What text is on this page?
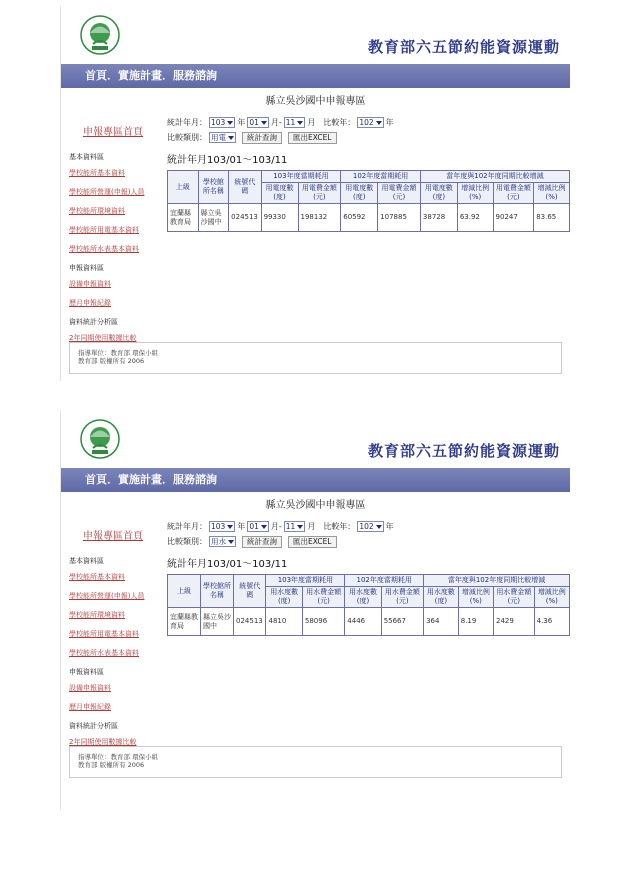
教育部六五節約能資源運動
首頁．實施計畫．服務諮詢
縣立吳沙國中申報專區
申報專區首頁
基本資料區
學校能所基本資料
學校能所營運(申報)人員
學校能所環境資料
學校能所用電基本資料
學校能所水表基本資料
申報資料區
設備申報資料
歷月申報紀錄
資料統計分析區
2年同期使用數據比較
統計年月： 103 年 01 月- 11 月 比較年： 102 年
比較類別： 用電	統計查詢	匯出EXCEL
統計年月103/01～103/11
上級	學校館所名稱	統號代碼	103年度當期耗用		102年度當期耗用		當年度與102年度同期比較增減			
			用電度數(度)	用電費金額(元)	用電度數(度)	用電費金額(元)	用電度數(度)	增減比例(%)	用電費金額(元)	增減比例(%)
宜蘭縣教育局	縣立吳沙國中	024513	99330	198132	60592	107885	38728	63.92	90247	83.65
指導單位：教育部 環保小組
教育部 版權所有 2006
教育部六五節約能資源運動
首頁．實施計畫．服務諮詢
縣立吳沙國中申報專區
申報專區首頁
基本資料區
學校能所基本資料
學校能所營運(申報)人員
學校能所環境資料
學校能所用電基本資料
學校能所水表基本資料
申報資料區
設備申報資料
歷月申報紀錄
資料統計分析區
2年同期使用數據比較
統計年月： 103 年 01 月- 11 月 比較年： 102 年
比較類別： 用水	統計查詢	匯出EXCEL
統計年月103/01～103/11
上級	學校館所名稱	統號代碼	103年度當期耗用		102年度當期耗用		當年度與102年度同期比較增減			
			用水度數(度)	用水費金額(元)	用水度數(度)	用水費金額(元)	用水度數(度)	增減比例(%)	用水費金額(元)	增減比例(%)
宜蘭縣教育局	縣立吳沙國中	024513	4810	58096	4446	55667	364	8.19	2429	4.36
指導單位：教育部 環保小組
教育部 版權所有 2006
